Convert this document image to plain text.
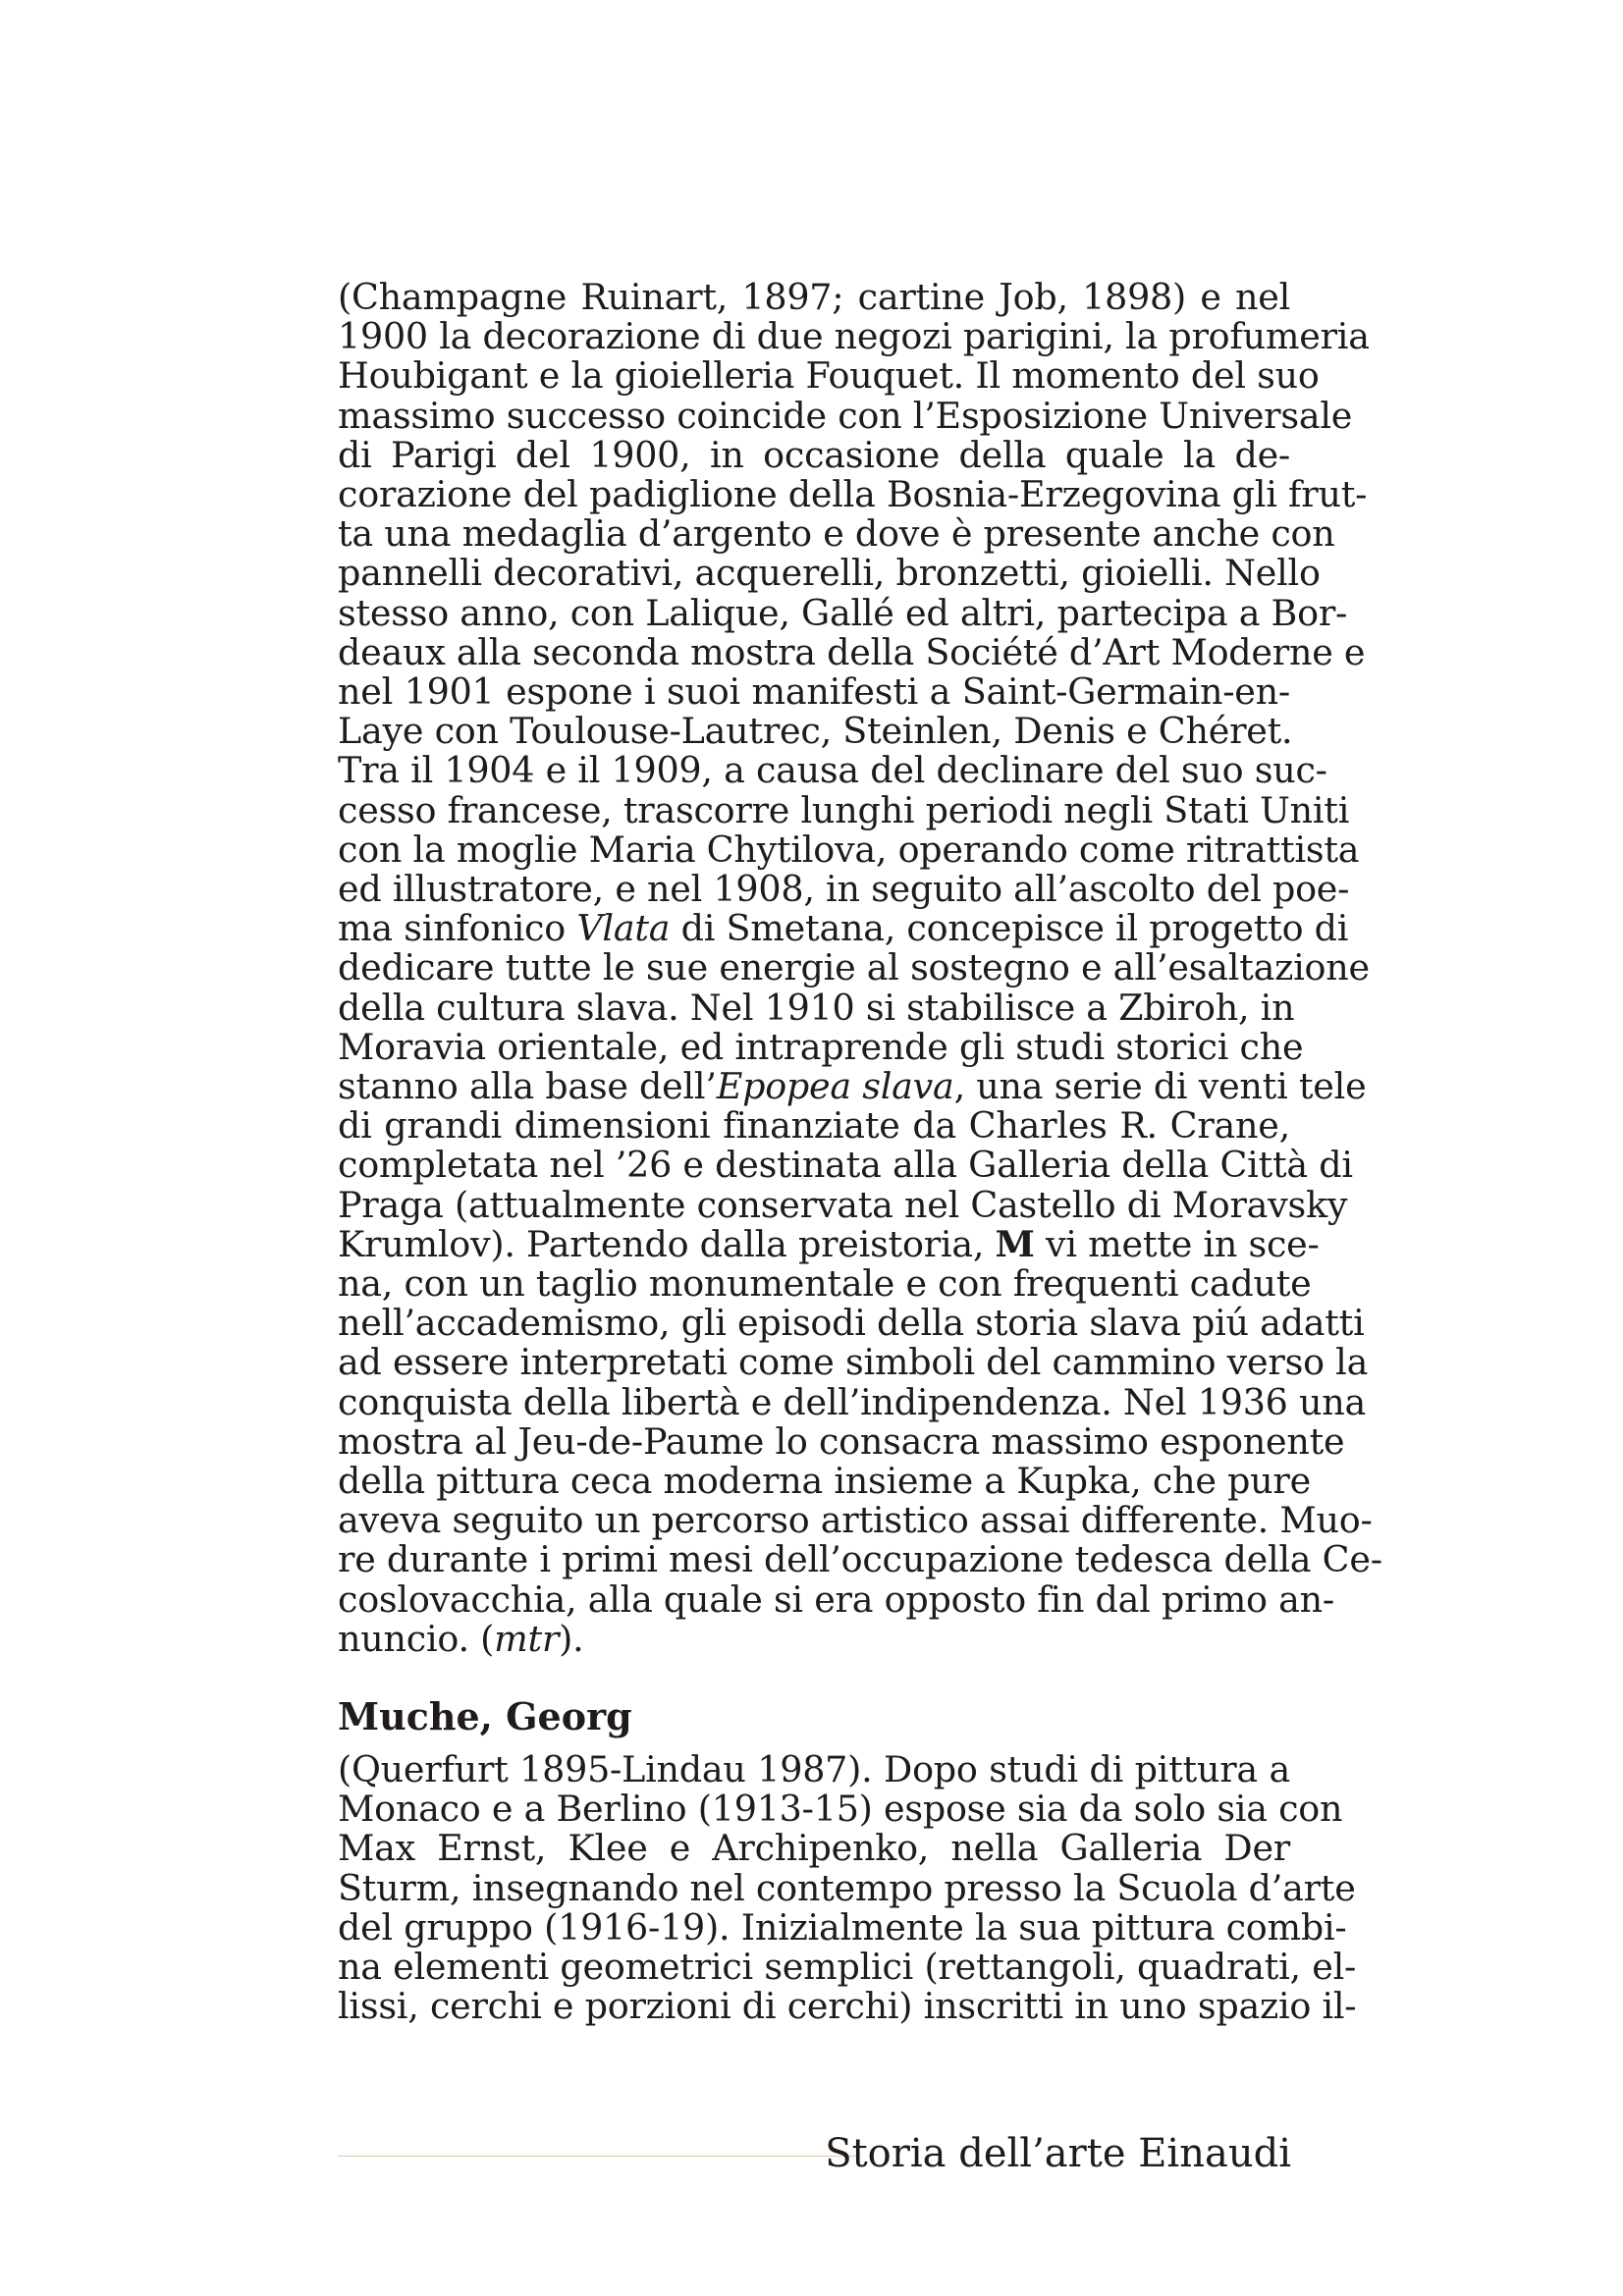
(Champagne Ruinart, 1897; cartine Job, 1898) e nel
1900 la decorazione di due negozi parigini, la profumeria
Houbigant e la gioielleria Fouquet. Il momento del suo
massimo successo coincide con l’Esposizione Universale
di Parigi del 1900, in occasione della quale la de-
corazione del padiglione della Bosnia-Erzegovina gli frut-
ta una medaglia d’argento e dove è presente anche con
pannelli decorativi, acquerelli, bronzetti, gioielli. Nello
stesso anno, con Lalique, Gallé ed altri, partecipa a Bor-
deaux alla seconda mostra della Société d’Art Moderne e
nel 1901 espone i suoi manifesti a Saint-Germain-en-
Laye con Toulouse-Lautrec, Steinlen, Denis e Chéret.
Tra il 1904 e il 1909, a causa del declinare del suo suc-
cesso francese, trascorre lunghi periodi negli Stati Uniti
con la moglie Maria Chytilova, operando come ritrattista
ed illustratore, e nel 1908, in seguito all’ascolto del poe-
ma sinfonico Vlata di Smetana, concepisce il progetto di
dedicare tutte le sue energie al sostegno e all’esaltazione
della cultura slava. Nel 1910 si stabilisce a Zbiroh, in
Moravia orientale, ed intraprende gli studi storici che
stanno alla base dell’Epopea slava, una serie di venti tele
di grandi dimensioni finanziate da Charles R. Crane,
completata nel ’26 e destinata alla Galleria della Città di
Praga (attualmente conservata nel Castello di Moravsky
Krumlov). Partendo dalla preistoria, M vi mette in sce-
na, con un taglio monumentale e con frequenti cadute
nell’accademismo, gli episodi della storia slava piú adatti
ad essere interpretati come simboli del cammino verso la
conquista della libertà e dell’indipendenza. Nel 1936 una
mostra al Jeu-de-Paume lo consacra massimo esponente
della pittura ceca moderna insieme a Kupka, che pure
aveva seguito un percorso artistico assai differente. Muo-
re durante i primi mesi dell’occupazione tedesca della Ce-
coslovacchia, alla quale si era opposto fin dal primo an-
nuncio. (mtr).
Muche, Georg
(Querfurt 1895-Lindau 1987). Dopo studi di pittura a
Monaco e a Berlino (1913-15) espose sia da solo sia con
Max Ernst, Klee e Archipenko, nella Galleria Der
Sturm, insegnando nel contempo presso la Scuola d’arte
del gruppo (1916-19). Inizialmente la sua pittura combi-
na elementi geometrici semplici (rettangoli, quadrati, el-
lissi, cerchi e porzioni di cerchi) inscritti in uno spazio il-
Storia dell’arte Einaudi
